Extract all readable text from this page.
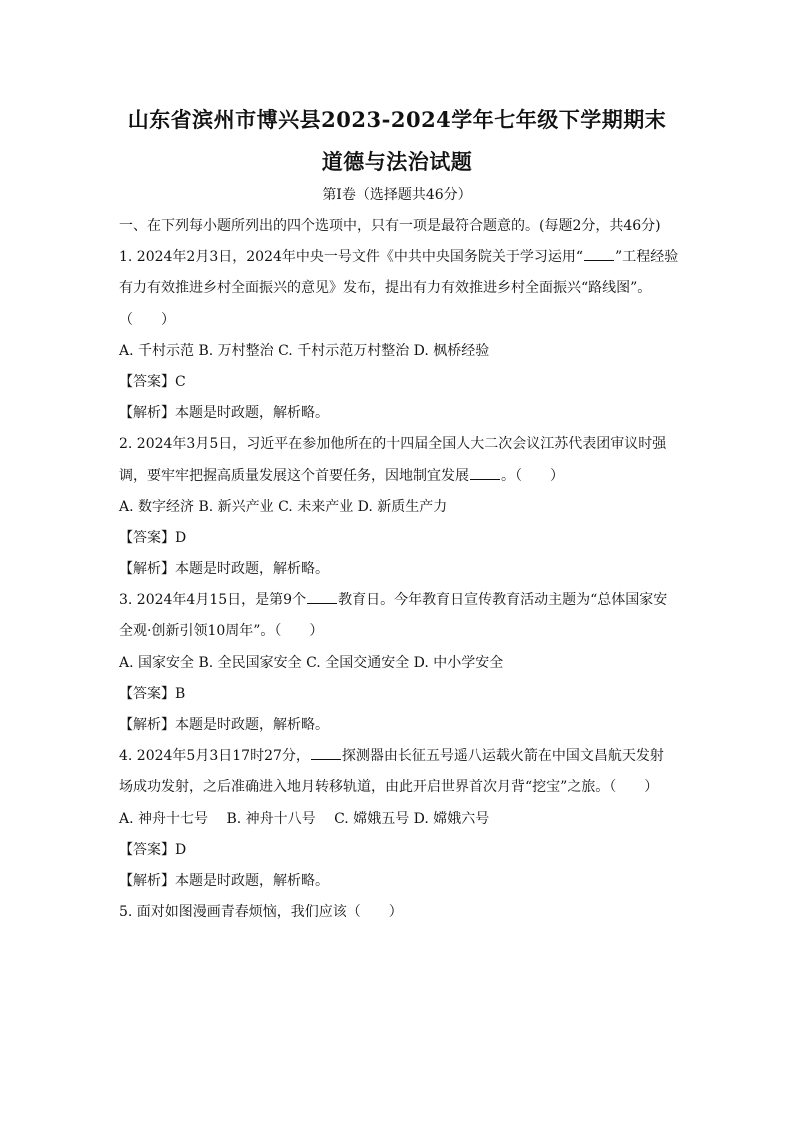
山东省滨州市博兴县2023-2024学年七年级下学期期末
道德与法治试题
第Ⅰ卷（选择题共46分）
一、在下列每小题所列出的四个选项中，只有一项是最符合题意的。(每题2分，共46分)
1. 2024年2月3日，2024年中央一号文件《中共中央国务院关于学习运用“ ”工程经验
有力有效推进乡村全面振兴的意见》发布，提出有力有效推进乡村全面振兴“路线图”。
（　　）
A. 千村示范 B. 万村整治 C. 千村示范万村整治 D. 枫桥经验
【答案】C
【解析】本题是时政题，解析略。
2. 2024年3月5日，习近平在参加他所在的十四届全国人大二次会议江苏代表团审议时强
调，要牢牢把握高质量发展这个首要任务，因地制宜发展 。（　　）
A. 数字经济 B. 新兴产业 C. 未来产业 D. 新质生产力
【答案】D
【解析】本题是时政题，解析略。
3. 2024年4月15日，是第9个 教育日。今年教育日宣传教育活动主题为“总体国家安
全观·创新引领10周年”。（　　）
A. 国家安全 B. 全民国家安全 C. 全国交通安全 D. 中小学安全
【答案】B
【解析】本题是时政题，解析略。
4. 2024年5月3日17时27分， 探测器由长征五号遥八运载火箭在中国文昌航天发射
场成功发射，之后准确进入地月转移轨道，由此开启世界首次月背“挖宝”之旅。（　　）
A. 神舟十七号　 B. 神舟十八号　 C. 嫦娥五号 D. 嫦娥六号
【答案】D
【解析】本题是时政题，解析略。
5. 面对如图漫画青春烦恼，我们应该（　　）
